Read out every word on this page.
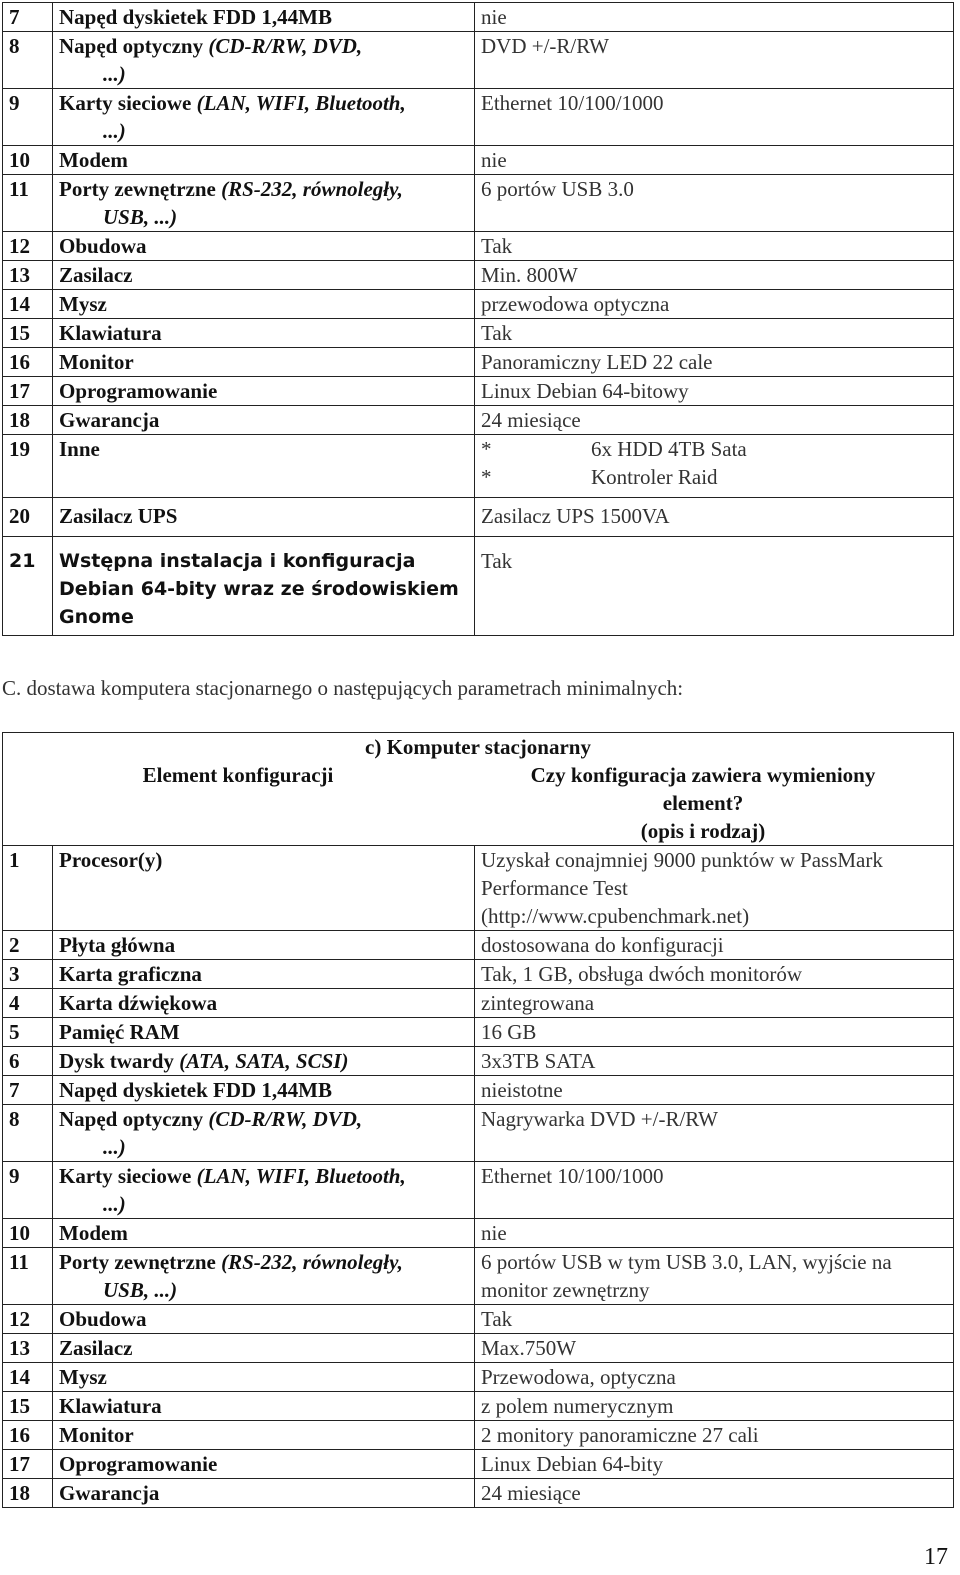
7	Napęd dyskietek FDD 1,44MB	nie

8	Napęd optyczny (CD-R/RW, DVD,
...)	DVD +/-R/RW

9	Karty sieciowe (LAN, WIFI, Bluetooth,
...)	Ethernet 10/100/1000

10	Modem	nie

11	Porty zewnętrzne (RS-232, równoległy,
USB, ...)	6 portów USB 3.0

12	Obudowa	Tak

13	Zasilacz	Min. 800W

14	Mysz	przewodowa optyczna

15	Klawiatura	Tak

16	Monitor	Panoramiczny LED 22 cale

17	Oprogramowanie	Linux Debian 64-bitowy

18	Gwarancja	24 miesiące

19	Inne	* 6x HDD 4TB Sata
* Kontroler Raid

20	Zasilacz UPS	Zasilacz UPS 1500VA

21	Wstępna instalacja i konfiguracja
Debian 64-bity wraz ze środowiskiem
Gnome	Tak
C. dostawa komputera stacjonarnego o następujących parametrach minimalnych:
c) Komputer stacjonarny
Element konfiguracji Czy konfiguracja zawiera wymieniony
element?
(opis i rodzaj)		

1	Procesor(y)	Uzyskał conajmniej 9000 punktów w PassMark
Performance Test
(http://www.cpubenchmark.net)

2	Płyta główna	dostosowana do konfiguracji

3	Karta graficzna	Tak, 1 GB, obsługa dwóch monitorów

4	Karta dźwiękowa	zintegrowana

5	Pamięć RAM	16 GB

6	Dysk twardy (ATA, SATA, SCSI)	3x3TB SATA

7	Napęd dyskietek FDD 1,44MB	nieistotne

8	Napęd optyczny (CD-R/RW, DVD,
...)	Nagrywarka DVD +/-R/RW

9	Karty sieciowe (LAN, WIFI, Bluetooth,
...)	Ethernet 10/100/1000

10	Modem	nie

11	Porty zewnętrzne (RS-232, równoległy,
USB, ...)	6 portów USB w tym USB 3.0, LAN, wyjście na
monitor zewnętrzny

12	Obudowa	Tak

13	Zasilacz	Max.750W

14	Mysz	Przewodowa, optyczna

15	Klawiatura	z polem numerycznym

16	Monitor	2 monitory panoramiczne 27 cali

17	Oprogramowanie	Linux Debian 64-bity

18	Gwarancja	24 miesiące
17
